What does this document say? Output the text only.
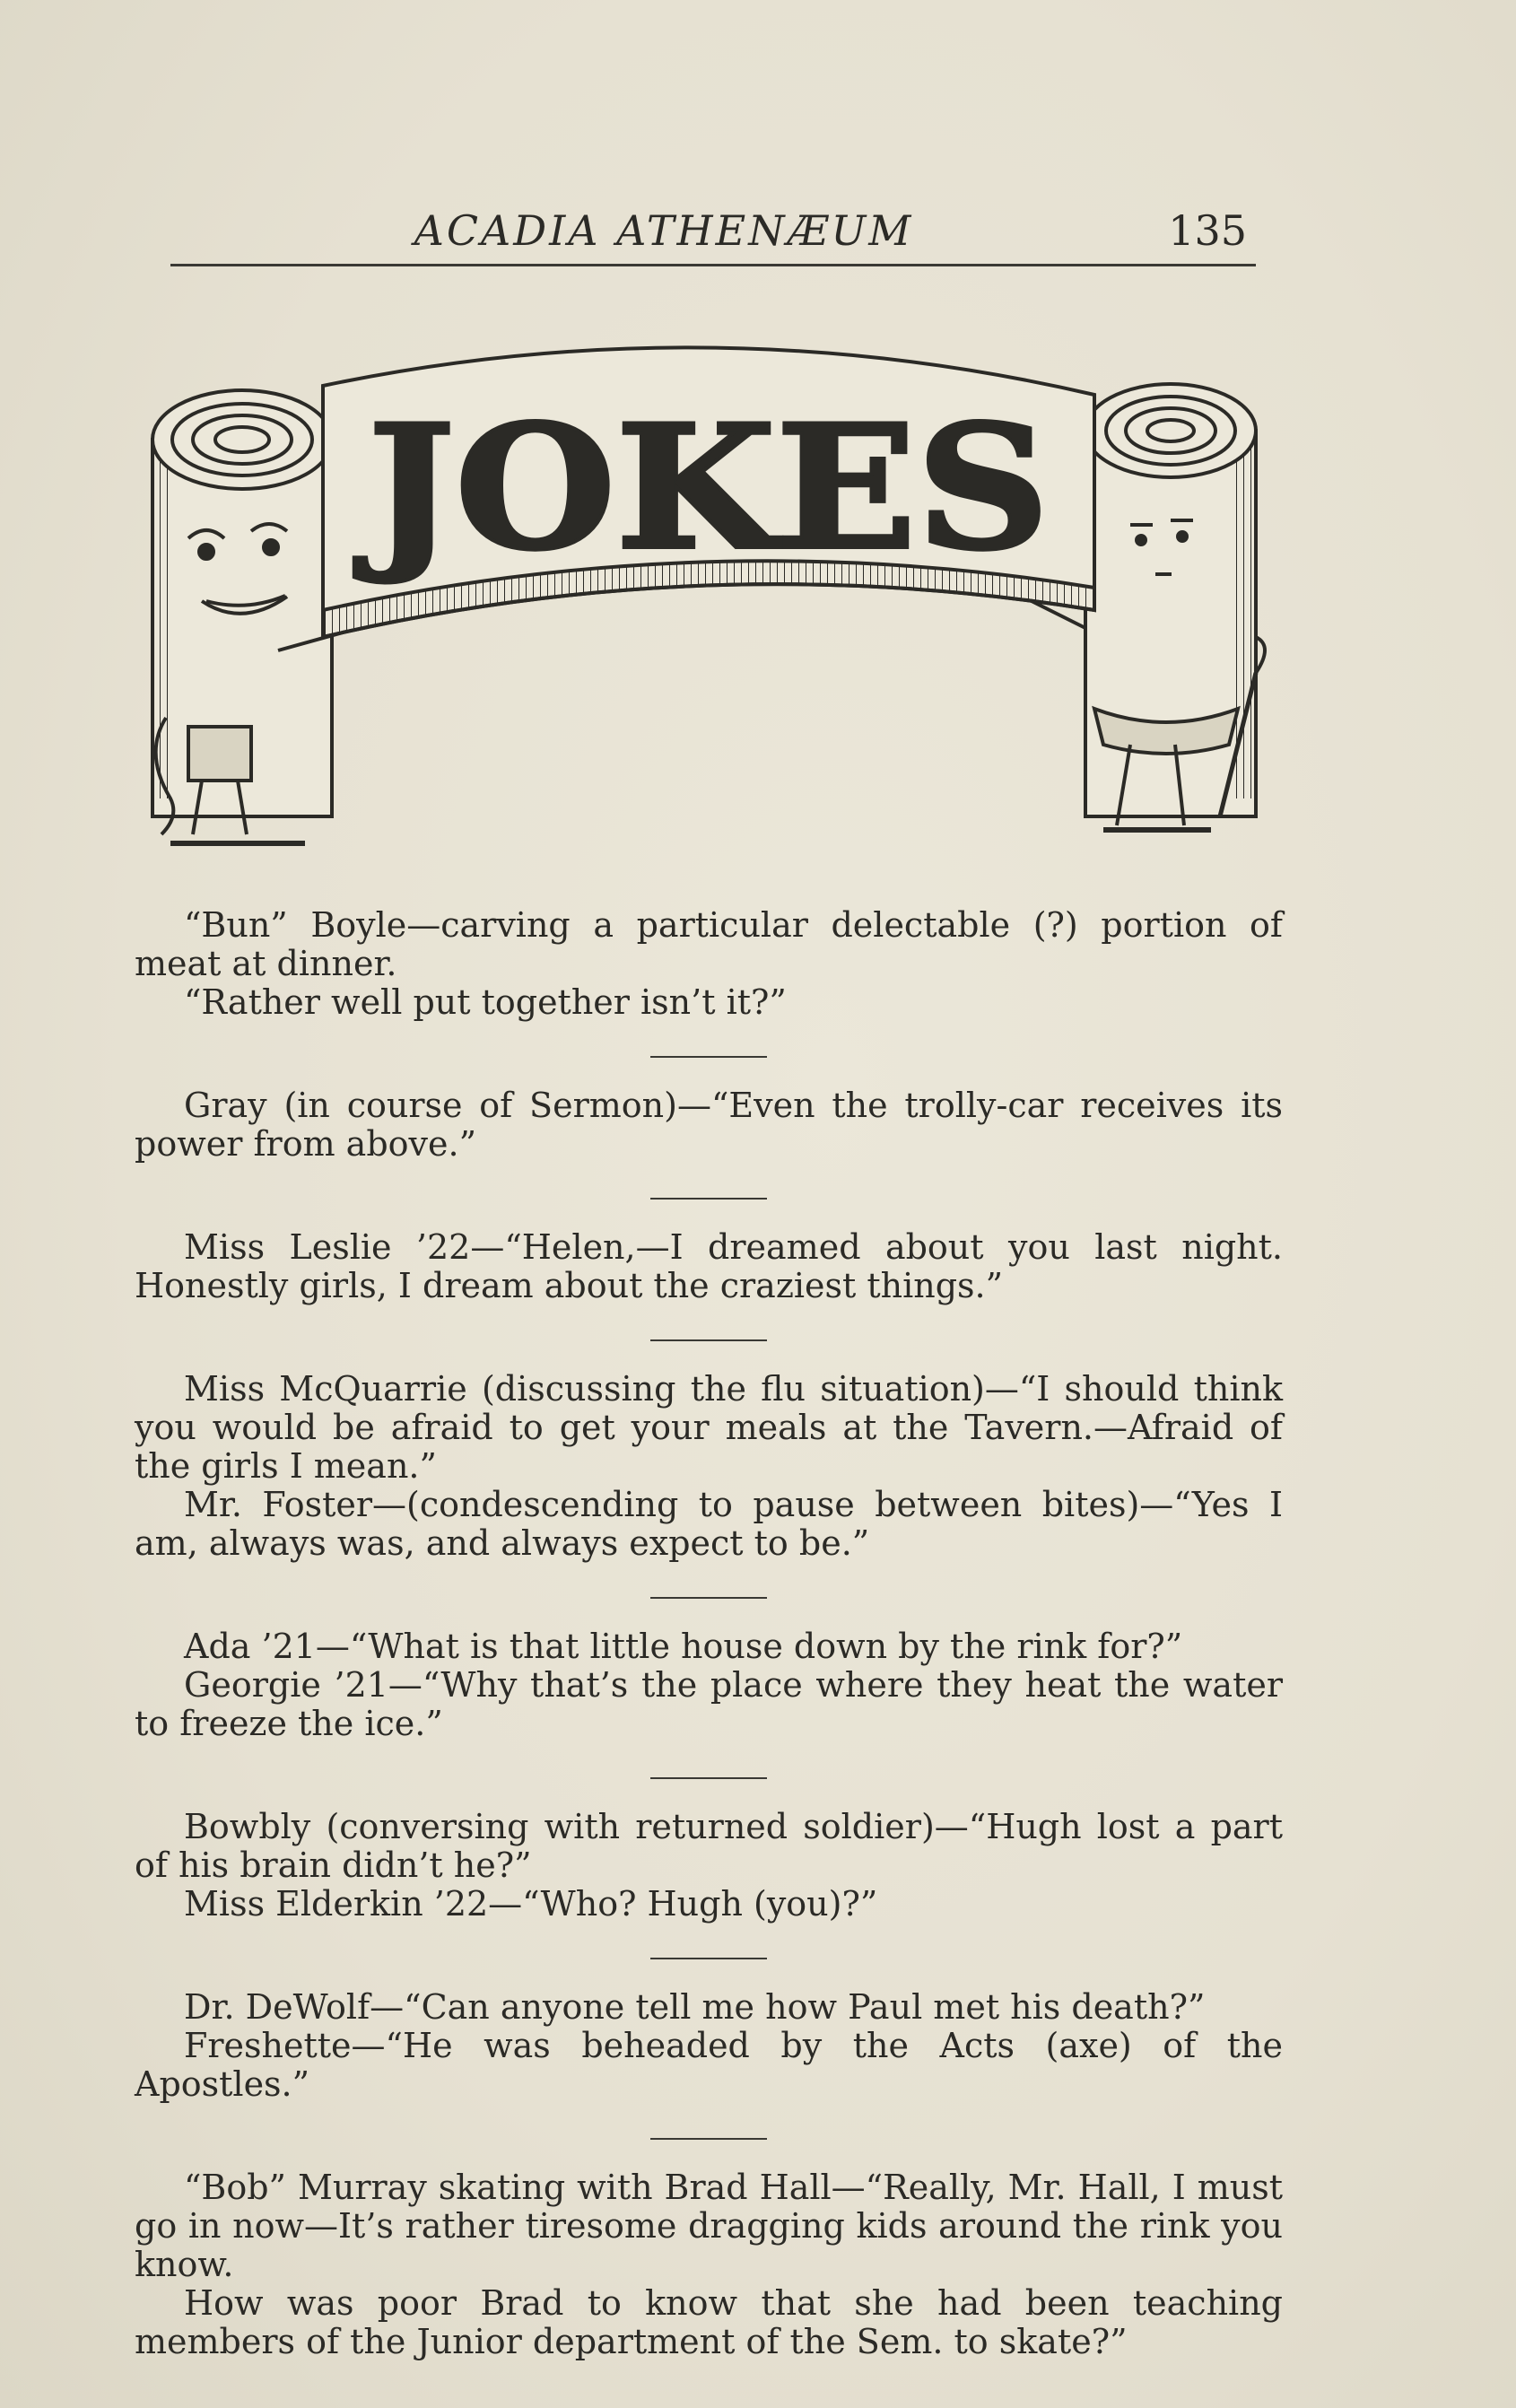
ACADIA ATHENÆUM	135
JOKES

“Bun” Boyle—carving a particular delectable (?) portion of meat at dinner.

“Rather well put together isn’t it?”

Gray (in course of Sermon)—“Even the trolly-car receives its power from above.”

Miss Leslie ’22—“Helen,—I dreamed about you last night. Honestly girls, I dream about the craziest things.”

Miss McQuarrie (discussing the flu situation)—“I should think you would be afraid to get your meals at the Tavern.—Afraid of the girls I mean.”

Mr. Foster—(condescending to pause between bites)—“Yes I am, always was, and always expect to be.”

Ada ’21—“What is that little house down by the rink for?”

Georgie ’21—“Why that’s the place where they heat the water to freeze the ice.”

Bowbly (conversing with returned soldier)—“Hugh lost a part of his brain didn’t he?”

Miss Elderkin ’22—“Who? Hugh (you)?”

Dr. DeWolf—“Can anyone tell me how Paul met his death?”

Freshette—“He was beheaded by the Acts (axe) of the Apostles.”

“Bob” Murray skating with Brad Hall—“Really, Mr. Hall, I must go in now—It’s rather tiresome dragging kids around the rink you know.

How was poor Brad to know that she had been teaching members of the Junior department of the Sem. to skate?”
